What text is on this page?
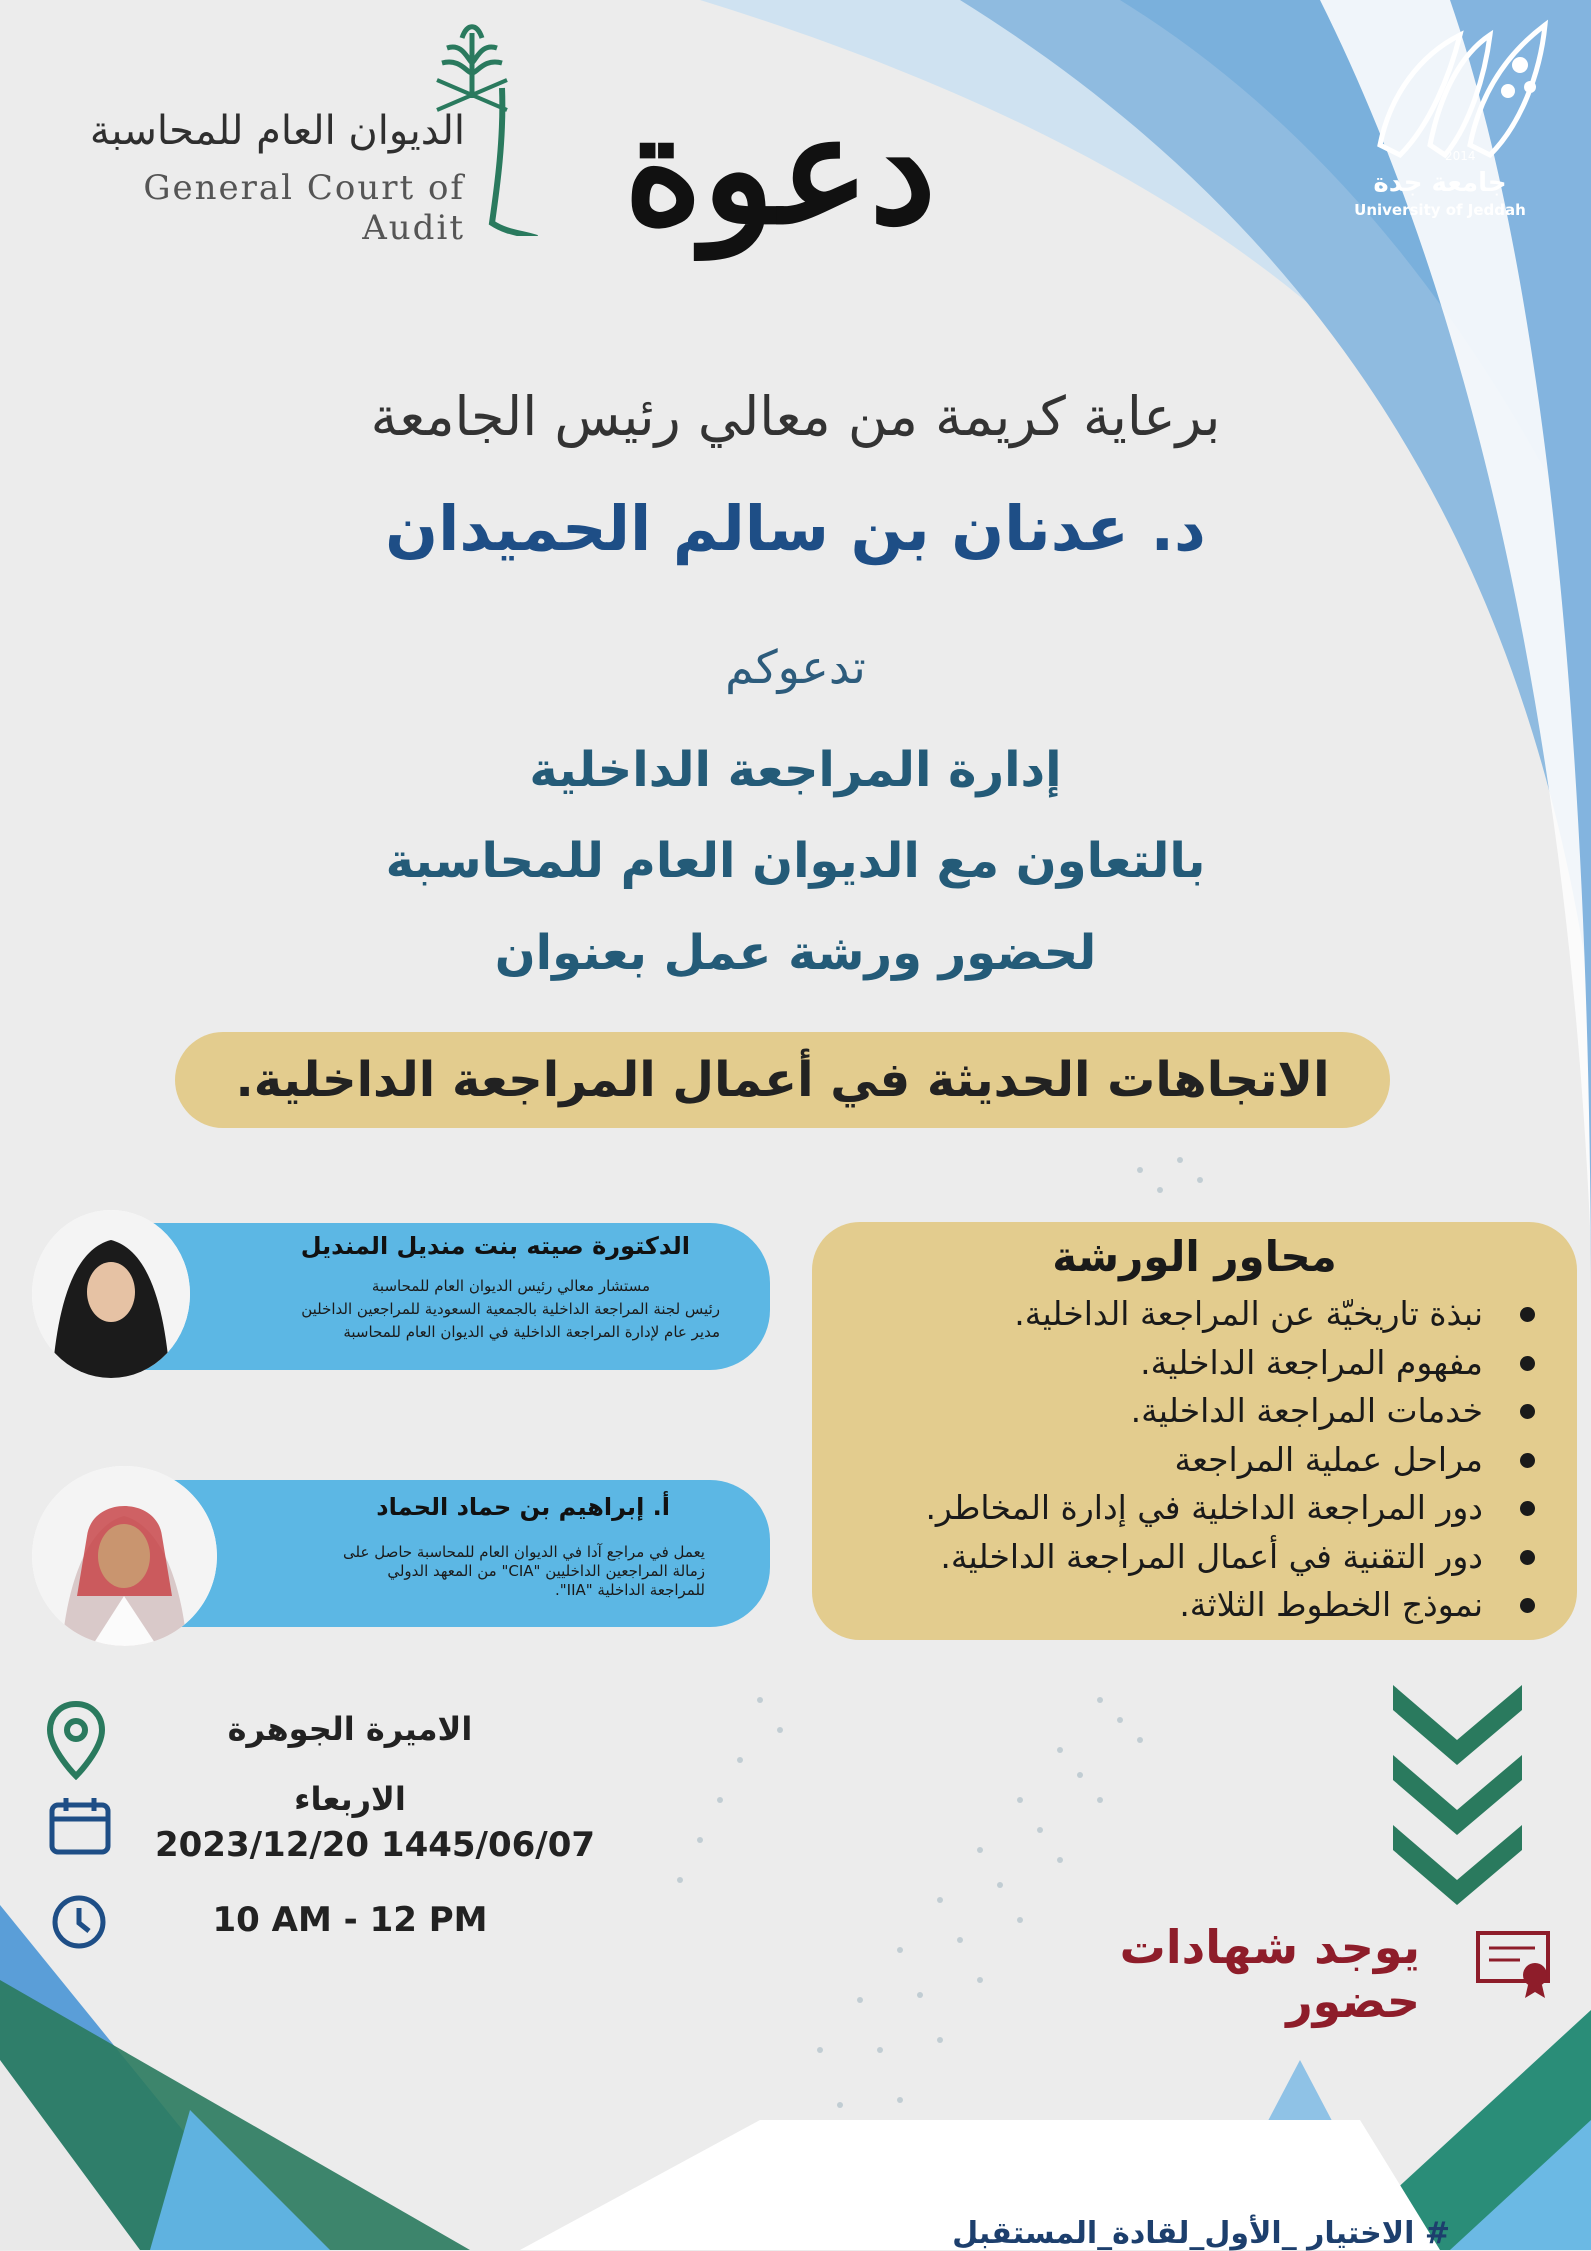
الديوان العام للمحاسبة
General Court of Audit
2014
جامعة جدة
University of Jeddah
دعوة
برعاية كريمة من معالي رئيس الجامعة
د. عدنان بن سالم الحميدان
تدعوكم
إدارة المراجعة الداخلية
بالتعاون مع الديوان العام للمحاسبة
لحضور ورشة عمل بعنوان
الاتجاهات الحديثة في أعمال المراجعة الداخلية.
محاور الورشة
نبذة تاريخيّة عن المراجعة الداخلية.
مفهوم المراجعة الداخلية.
خدمات المراجعة الداخلية.
مراحل عملية المراجعة
دور المراجعة الداخلية في إدارة المخاطر.
دور التقنية في أعمال المراجعة الداخلية.
نموذج الخطوط الثلاثة.
الدكتورة صيته بنت منديل المنديل
مستشار معالي رئيس الديوان العام للمحاسبة
رئيس لجنة المراجعة الداخلية بالجمعية السعودية للمراجعين الداخلين
مدير عام لإدارة المراجعة الداخلية في الديوان العام للمحاسبة
أ. إبراهيم بن حماد الحماد
يعمل في مراجع آدا في الديوان العام للمحاسبة حاصل على
زمالة المراجعين الداخليين "CIA" من المعهد الدولي
للمراجعة الداخلية "IIA".
الاميرة الجوهرة
الاربعاء
2023/12/20 1445/06/07
10 AM - 12 PM	يوجد شهادات حضور
# الاختيار _الأول_لقادة_المستقبل
